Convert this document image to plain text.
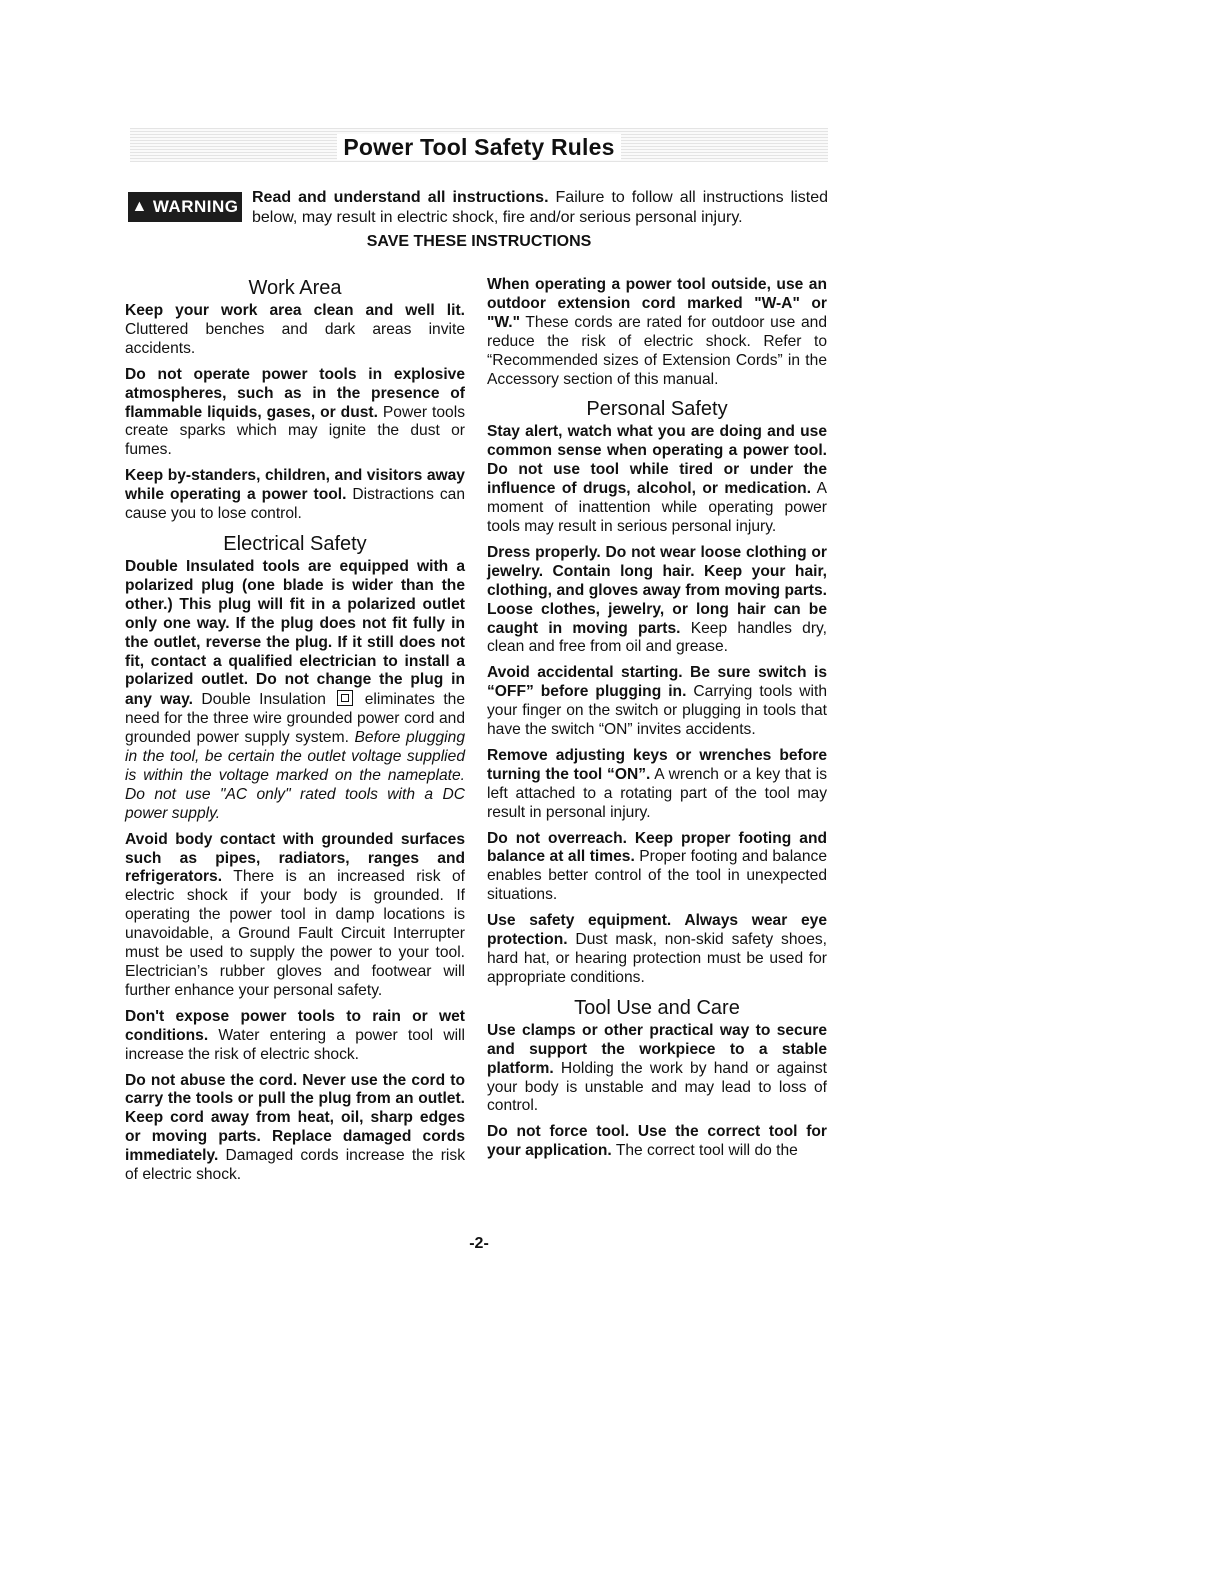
Power Tool Safety Rules
▲ WARNING Read and understand all instructions. Failure to follow all instructions listed below, may result in electric shock, fire and/or serious personal injury.

SAVE THESE INSTRUCTIONS

Work Area

Keep your work area clean and well lit. Cluttered benches and dark areas invite accidents.

Do not operate power tools in explosive atmospheres, such as in the presence of flammable liquids, gases, or dust. Power tools create sparks which may ignite the dust or fumes.

Keep by-standers, children, and visitors away while operating a power tool. Distractions can cause you to lose control.

Electrical Safety

Double Insulated tools are equipped with a polarized plug (one blade is wider than the other.) This plug will fit in a polarized outlet only one way. If the plug does not fit fully in the outlet, reverse the plug. If it still does not fit, contact a qualified electrician to install a polarized outlet. Do not change the plug in any way. Double Insulation  eliminates the need for the three wire grounded power cord and grounded power supply system. Before plugging in the tool, be certain the outlet voltage supplied is within the voltage marked on the nameplate. Do not use "AC only" rated tools with a DC power supply.

Avoid body contact with grounded surfaces such as pipes, radiators, ranges and refrigerators. There is an increased risk of electric shock if your body is grounded. If operating the power tool in damp locations is unavoidable, a Ground Fault Circuit Interrupter must be used to supply the power to your tool. Electrician’s rubber gloves and footwear will further enhance your personal safety.

Don't expose power tools to rain or wet conditions. Water entering a power tool will increase the risk of electric shock.

Do not abuse the cord. Never use the cord to carry the tools or pull the plug from an outlet. Keep cord away from heat, oil, sharp edges or moving parts. Replace damaged cords immediately. Damaged cords increase the risk of electric shock.

When operating a power tool outside, use an outdoor extension cord marked "W-A" or "W." These cords are rated for outdoor use and reduce the risk of electric shock. Refer to “Recommended sizes of Extension Cords” in the Accessory section of this manual.

Personal Safety

Stay alert, watch what you are doing and use common sense when operating a power tool. Do not use tool while tired or under the influence of drugs, alcohol, or medication. A moment of inattention while operating power tools may result in serious personal injury.

Dress properly. Do not wear loose clothing or jewelry. Contain long hair. Keep your hair, clothing, and gloves away from moving parts. Loose clothes, jewelry, or long hair can be caught in moving parts. Keep handles dry, clean and free from oil and grease.

Avoid accidental starting. Be sure switch is “OFF” before plugging in. Carrying tools with your finger on the switch or plugging in tools that have the switch “ON” invites accidents.

Remove adjusting keys or wrenches before turning the tool “ON”. A wrench or a key that is left attached to a rotating part of the tool may result in personal injury.

Do not overreach. Keep proper footing and balance at all times. Proper footing and balance enables better control of the tool in unexpected situations.

Use safety equipment. Always wear eye protection. Dust mask, non-skid safety shoes, hard hat, or hearing protection must be used for appropriate conditions.

Tool Use and Care

Use clamps or other practical way to secure and support the workpiece to a stable platform. Holding the work by hand or against your body is unstable and may lead to loss of control.

Do not force tool. Use the correct tool for your application. The correct tool will do the

-2-
